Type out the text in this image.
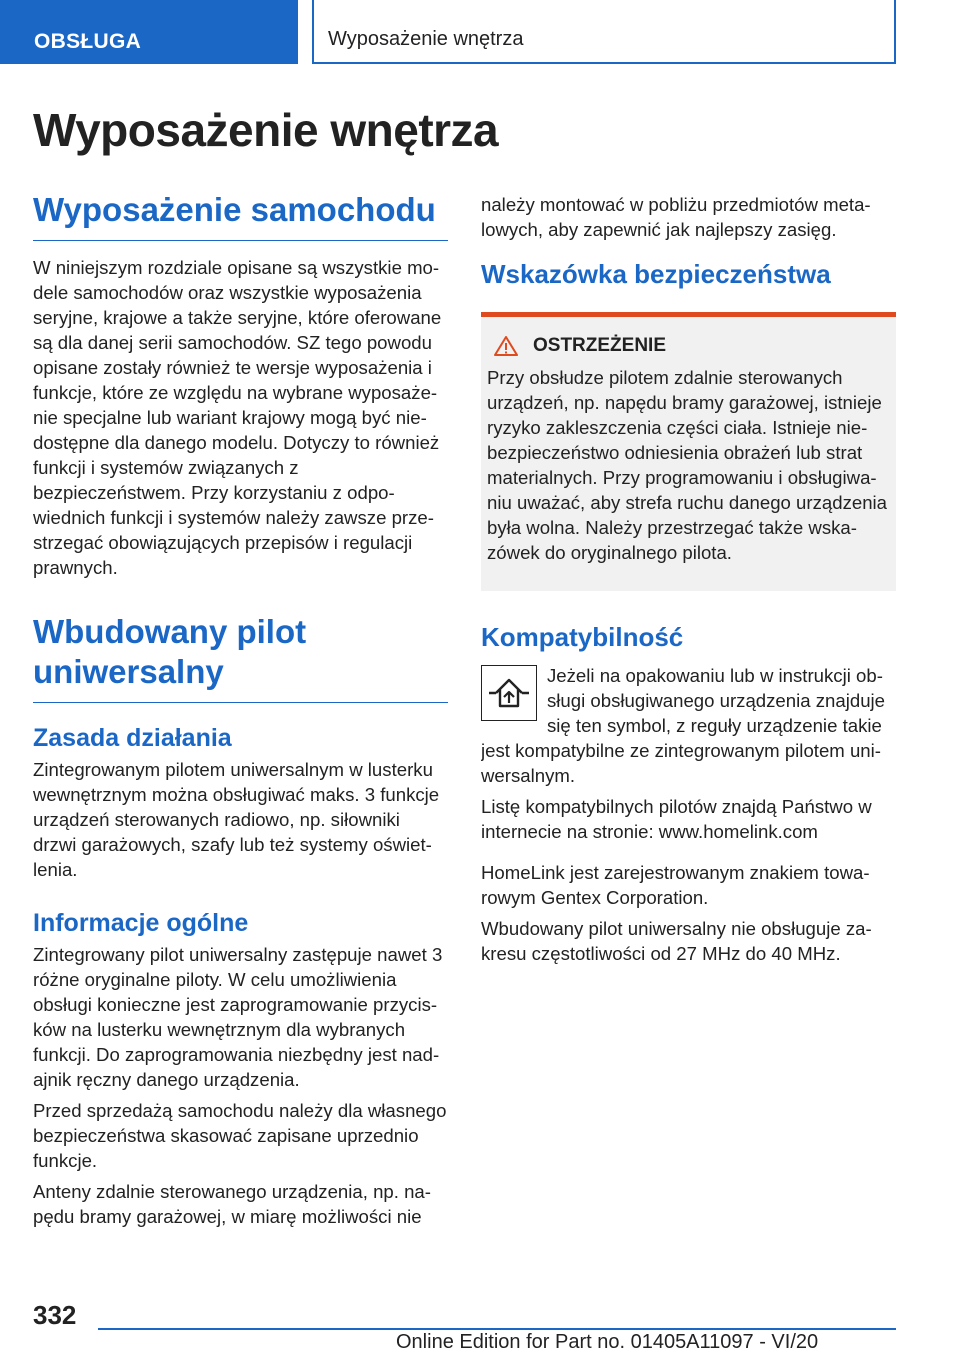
OBSŁUGA	Wyposażenie wnętrza
Wyposażenie wnętrza
Wyposażenie samochodu

W niniejszym rozdziale opisane są wszystkie modele samochodów oraz wszystkie wyposażenia seryjne, krajowe a także seryjne, które oferowane są dla danej serii samochodów. SZ tego powodu opisane zostały również te wersje wyposażenia i funkcje, które ze względu na wybrane wyposażenie specjalne lub wariant krajowy mogą być niedostępne dla danego modelu. Dotyczy to również funkcji i systemów związanych z bezpieczeństwem. Przy korzystaniu z odpowiednich funkcji i systemów należy zawsze przestrzegać obowiązujących przepisów i regulacji prawnych.

Wbudowany pilot uniwersalny
Zasada działania

Zintegrowanym pilotem uniwersalnym w lusterku wewnętrznym można obsługiwać maks. 3 funkcje urządzeń sterowanych radiowo, np. siłowniki drzwi garażowych, szafy lub też systemy oświetlenia.

Informacje ogólne

Zintegrowany pilot uniwersalny zastępuje nawet 3 różne oryginalne piloty. W celu umożliwienia obsługi konieczne jest zaprogramowanie przycisków na lusterku wewnętrznym dla wybranych funkcji. Do zaprogramowania niezbędny jest nadajnik ręczny danego urządzenia.

Przed sprzedażą samochodu należy dla własnego bezpieczeństwa skasować zapisane uprzednio funkcje.

Anteny zdalnie sterowanego urządzenia, np. napędu bramy garażowej, w miarę możliwości nie

należy montować w pobliżu przedmiotów metalowych, aby zapewnić jak najlepszy zasięg.

Wskazówka bezpieczeństwa
OSTRZEŻENIE

Przy obsłudze pilotem zdalnie sterowanych urządzeń, np. napędu bramy garażowej, istnieje ryzyko zakleszczenia części ciała. Istnieje niebezpieczeństwo odniesienia obrażeń lub strat materialnych. Przy programowaniu i obsługiwaniu uważać, aby strefa ruchu danego urządzenia była wolna. Należy przestrzegać także wskazówek do oryginalnego pilota.

Kompatybilność

Jeżeli na opakowaniu lub w instrukcji obsługi obsługiwanego urządzenia znajduje się ten symbol, z reguły urządzenie takie jest kompatybilne ze zintegrowanym pilotem uniwersalnym.

Listę kompatybilnych pilotów znajdą Państwo w internecie na stronie: www.homelink.com

HomeLink jest zarejestrowanym znakiem towarowym Gentex Corporation.

Wbudowany pilot uniwersalny nie obsługuje zakresu częstotliwości od 27 MHz do 40 MHz.

332
Online Edition for Part no. 01405A11097 - VI/20
